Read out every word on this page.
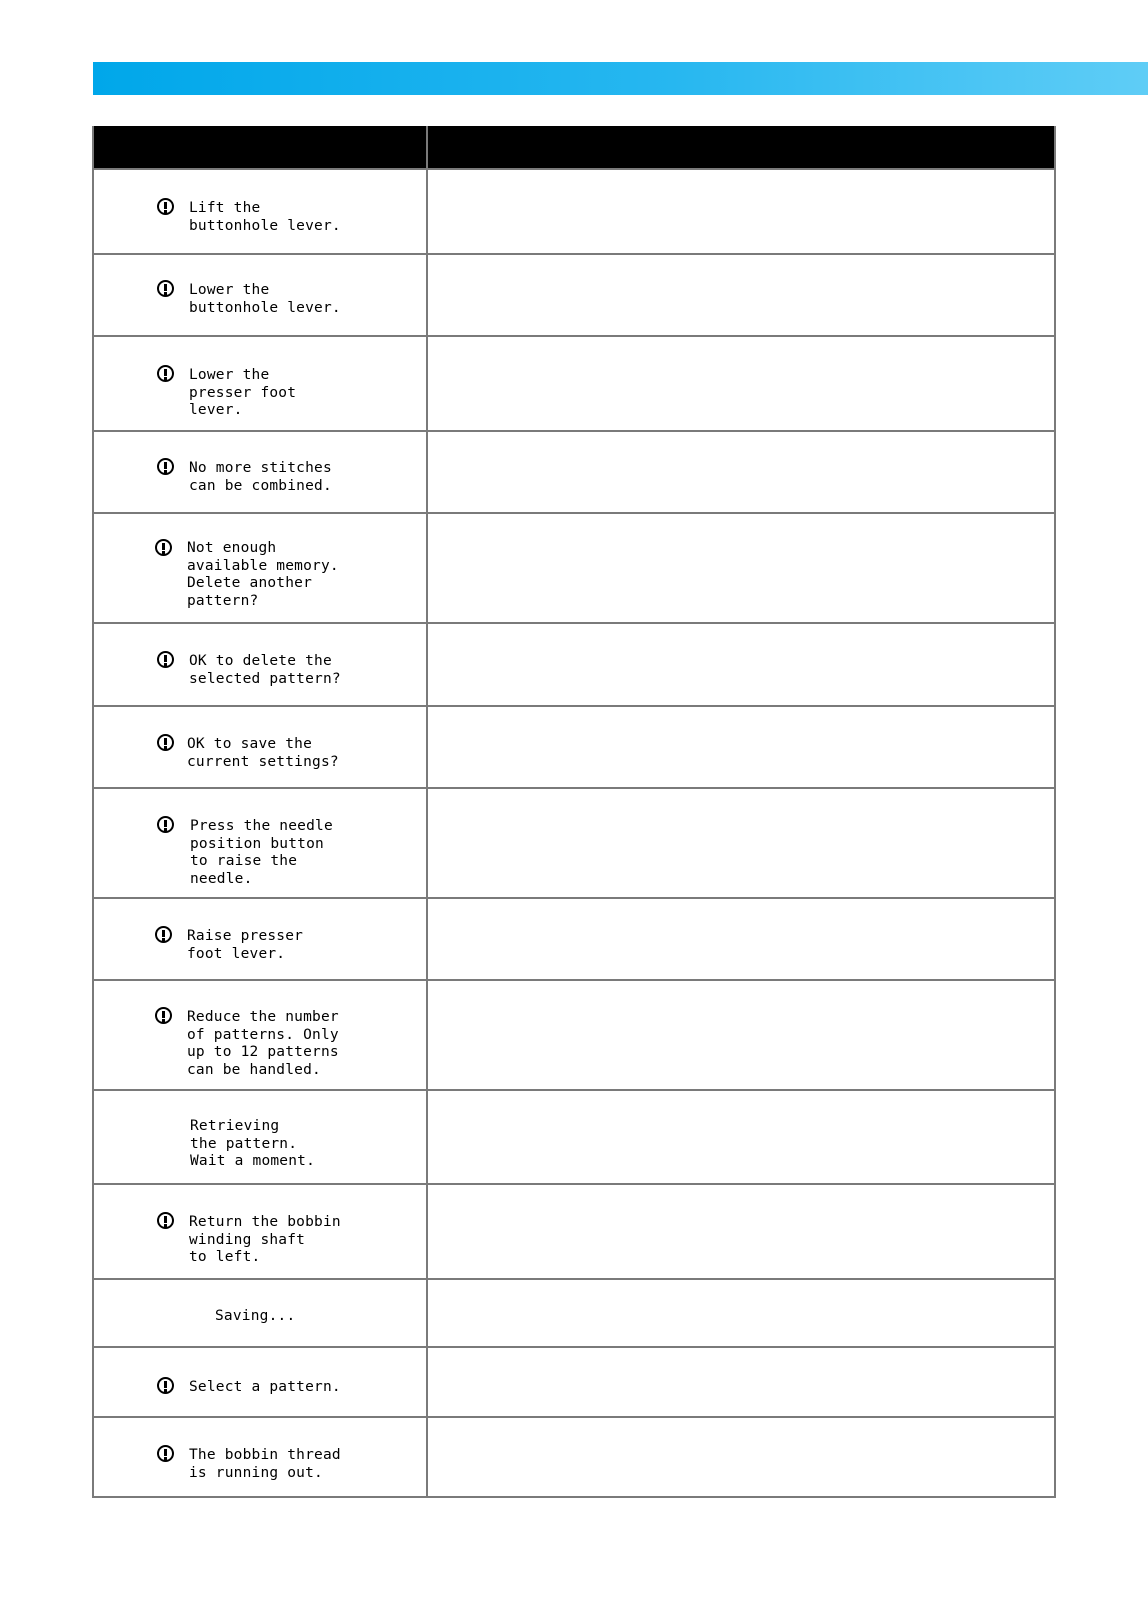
Lift the
buttonhole lever.	

Lower the
buttonhole lever.	

Lower the
presser foot
lever.	

No more stitches
can be combined.	

Not enough
available memory.
Delete another
pattern?	

OK to delete the
selected pattern?	

OK to save the
current settings?	

Press the needle
position button
to raise the
needle.	

Raise presser
foot lever.	

Reduce the number
of patterns. Only
up to 12 patterns
can be handled.	

Retrieving
the pattern.
Wait a moment.	

Return the bobbin
winding shaft
to left.	

Saving...	

Select a pattern.	

The bobbin thread
is running out.	
